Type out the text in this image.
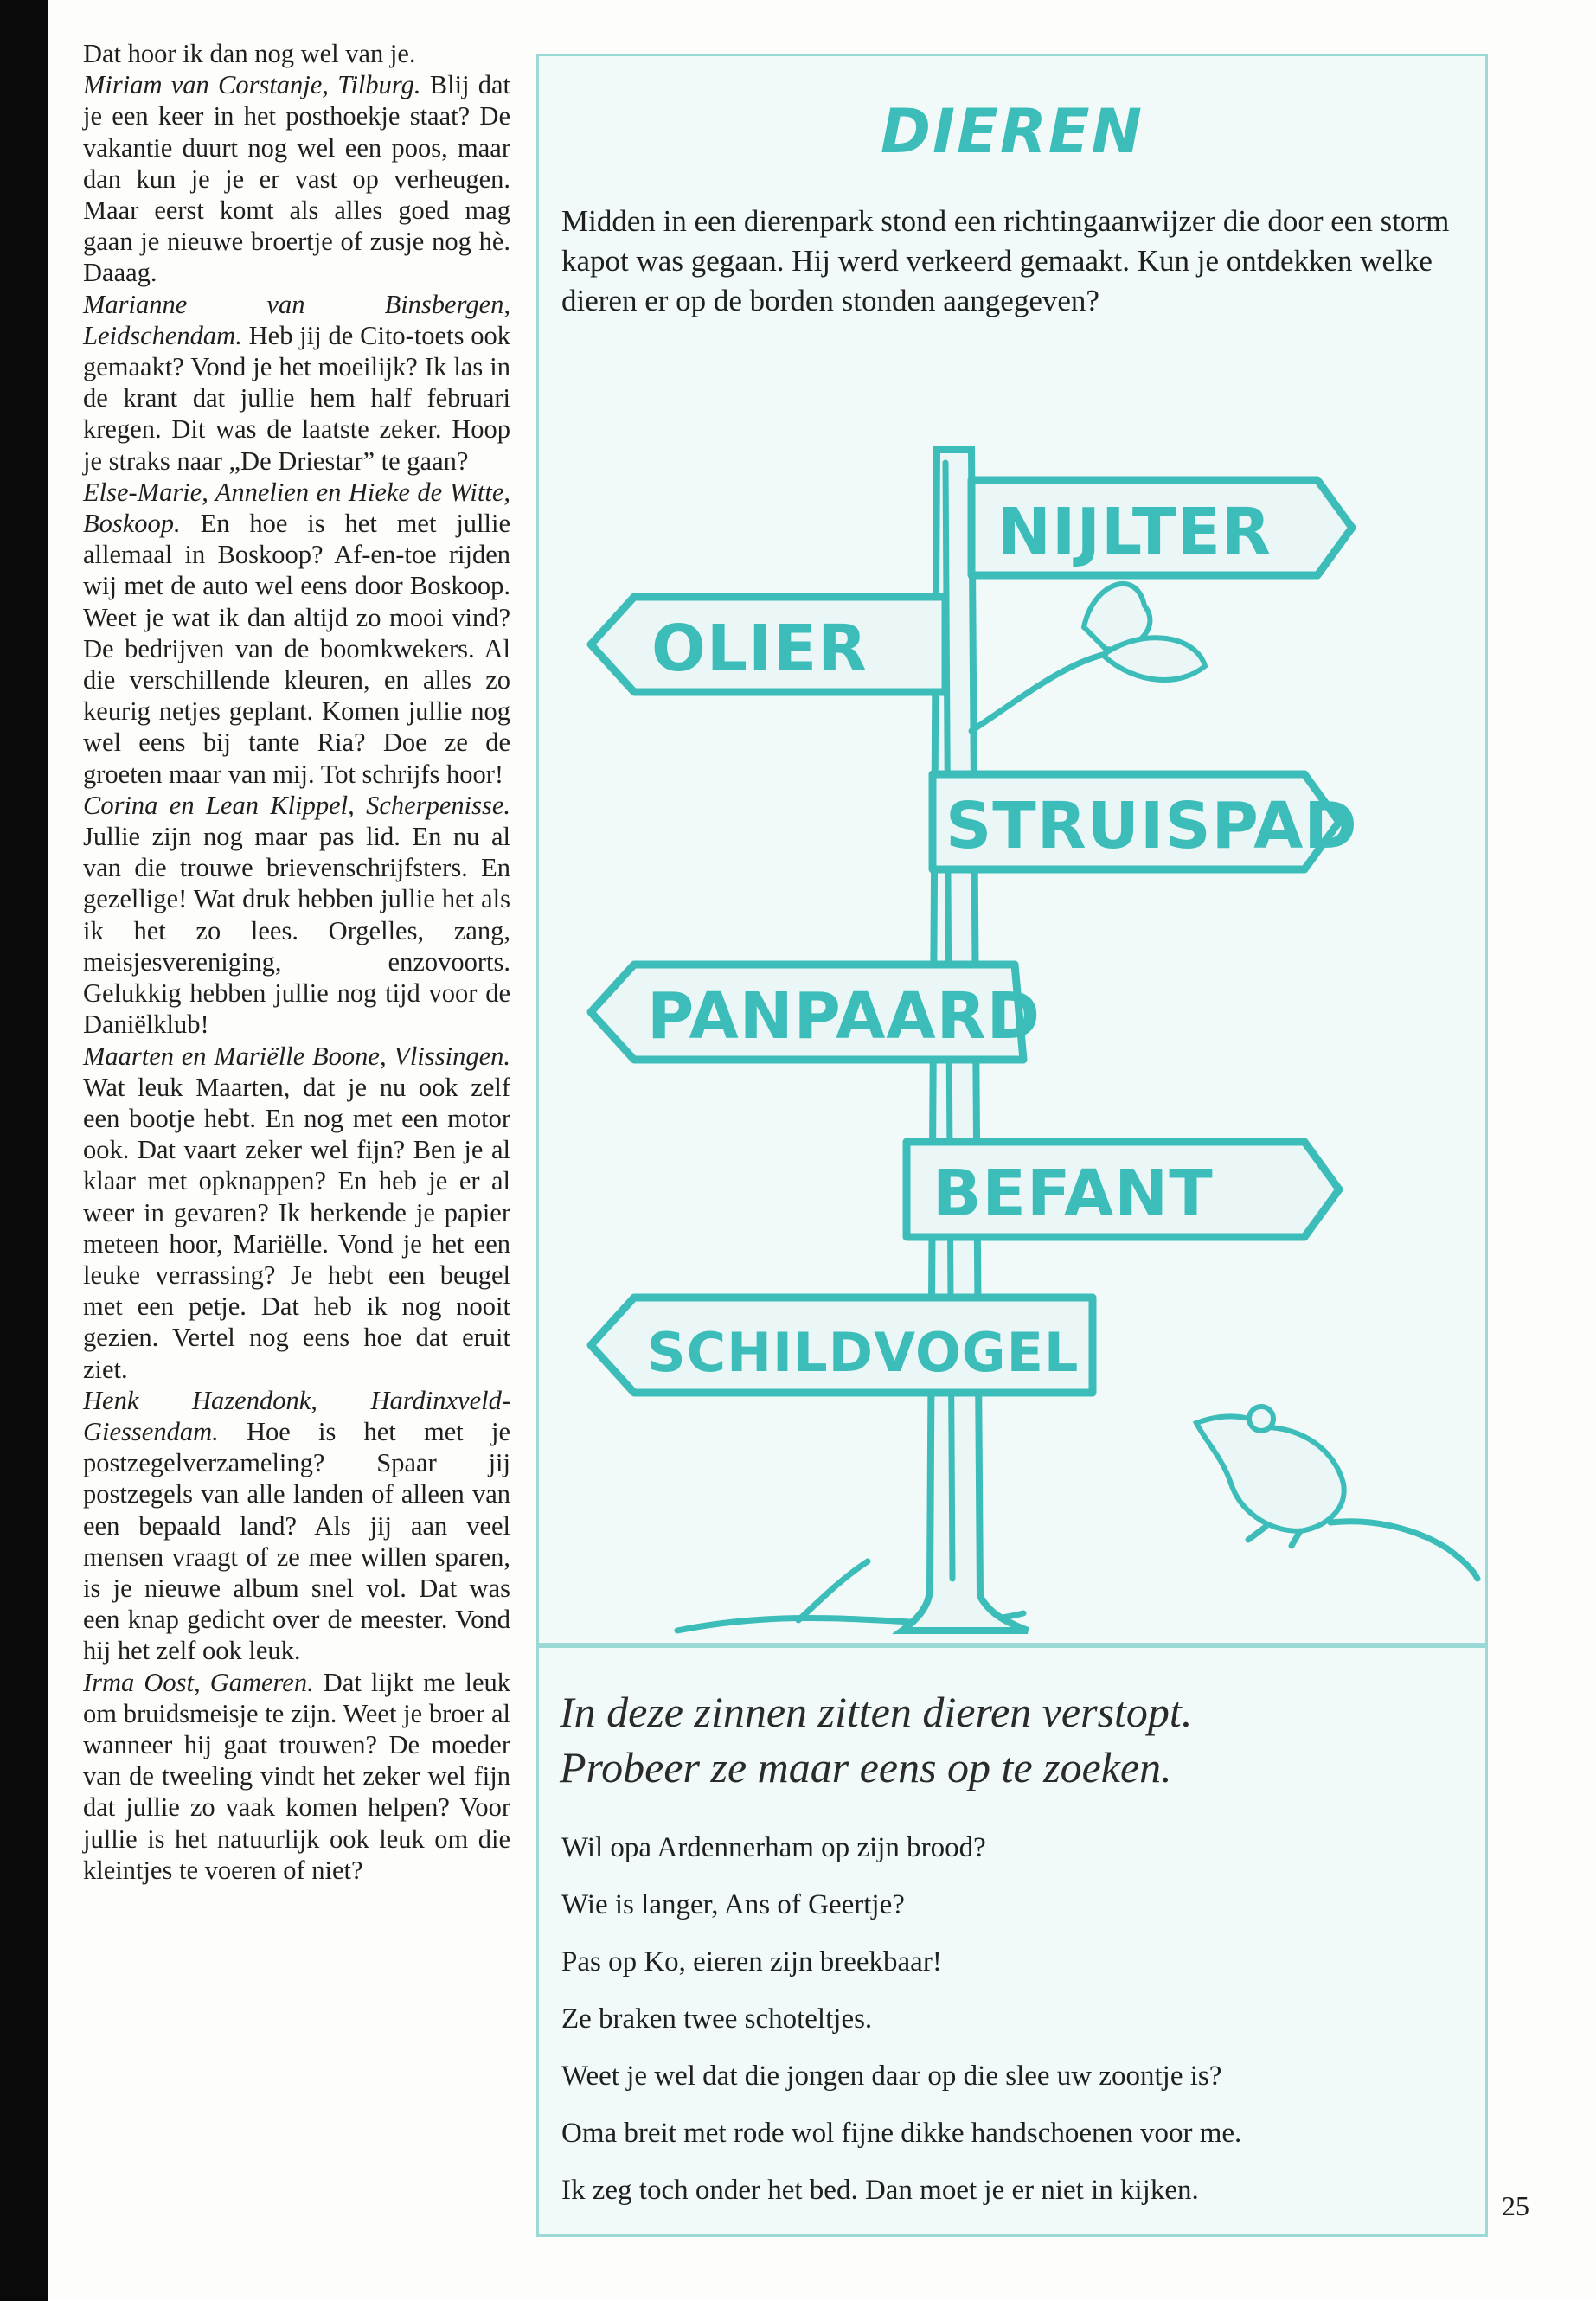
Dat hoor ik dan nog wel van je.
Miriam van Corstanje, Tilburg. Blij dat je een keer in het posthoekje staat? De vakantie duurt nog wel een poos, maar dan kun je je er vast op verheugen. Maar eerst komt als alles goed mag gaan je nieuwe broertje of zusje nog hè. Daaag.
Marianne van Binsbergen, Leidschendam. Heb jij de Cito-toets ook gemaakt? Vond je het moeilijk? Ik las in de krant dat jullie hem half februari kregen. Dit was de laatste zeker. Hoop je straks naar „De Driestar” te gaan?
Else-Marie, Annelien en Hieke de Witte, Boskoop. En hoe is het met jullie allemaal in Boskoop? Af-en-toe rijden wij met de auto wel eens door Boskoop. Weet je wat ik dan altijd zo mooi vind? De bedrijven van de boomkwekers. Al die verschillende kleuren, en alles zo keurig netjes geplant. Komen jullie nog wel eens bij tante Ria? Doe ze de groeten maar van mij. Tot schrijfs hoor!
Corina en Lean Klippel, Scherpenisse. Jullie zijn nog maar pas lid. En nu al van die trouwe brievenschrijfsters. En gezellige! Wat druk hebben jullie het als ik het zo lees. Orgelles, zang, meisjesvereniging, enzovoorts. Gelukkig hebben jullie nog tijd voor de Daniëlklub!
Maarten en Mariëlle Boone, Vlissingen. Wat leuk Maarten, dat je nu ook zelf een bootje hebt. En nog met een motor ook. Dat vaart zeker wel fijn? Ben je al klaar met opknappen? En heb je er al weer in gevaren? Ik herkende je papier meteen hoor, Mariëlle. Vond je het een leuke verrassing? Je hebt een beugel met een petje. Dat heb ik nog nooit gezien. Vertel nog eens hoe dat eruit ziet.
Henk Hazendonk, Hardinxveld-Giessendam. Hoe is het met je postzegelverzameling? Spaar jij postzegels van alle landen of alleen van een bepaald land? Als jij aan veel mensen vraagt of ze mee willen sparen, is je nieuwe album snel vol. Dat was een knap gedicht over de meester. Vond hij het zelf ook leuk.
Irma Oost, Gameren. Dat lijkt me leuk om bruidsmeisje te zijn. Weet je broer al wanneer hij gaat trouwen? De moeder van de tweeling vindt het zeker wel fijn dat jullie zo vaak komen helpen? Voor jullie is het natuurlijk ook leuk om die kleintjes te voeren of niet?
DIEREN
Midden in een dierenpark stond een richtingaanwijzer die door een storm kapot was gegaan. Hij werd verkeerd gemaakt. Kun je ontdekken welke dieren er op de borden stonden aangegeven?
NIJLTER
OLIER
STRUISPAD
PANPAARD
BEFANT
SCHILDVOGEL
In deze zinnen zitten dieren verstopt.
Probeer ze maar eens op te zoeken.
Wil opa Ardennerham op zijn brood?
Wie is langer, Ans of Geertje?
Pas op Ko, eieren zijn breekbaar!
Ze braken twee schoteltjes.
Weet je wel dat die jongen daar op die slee uw zoontje is?
Oma breit met rode wol fijne dikke handschoenen voor me.
Ik zeg toch onder het bed. Dan moet je er niet in kijken.	25
